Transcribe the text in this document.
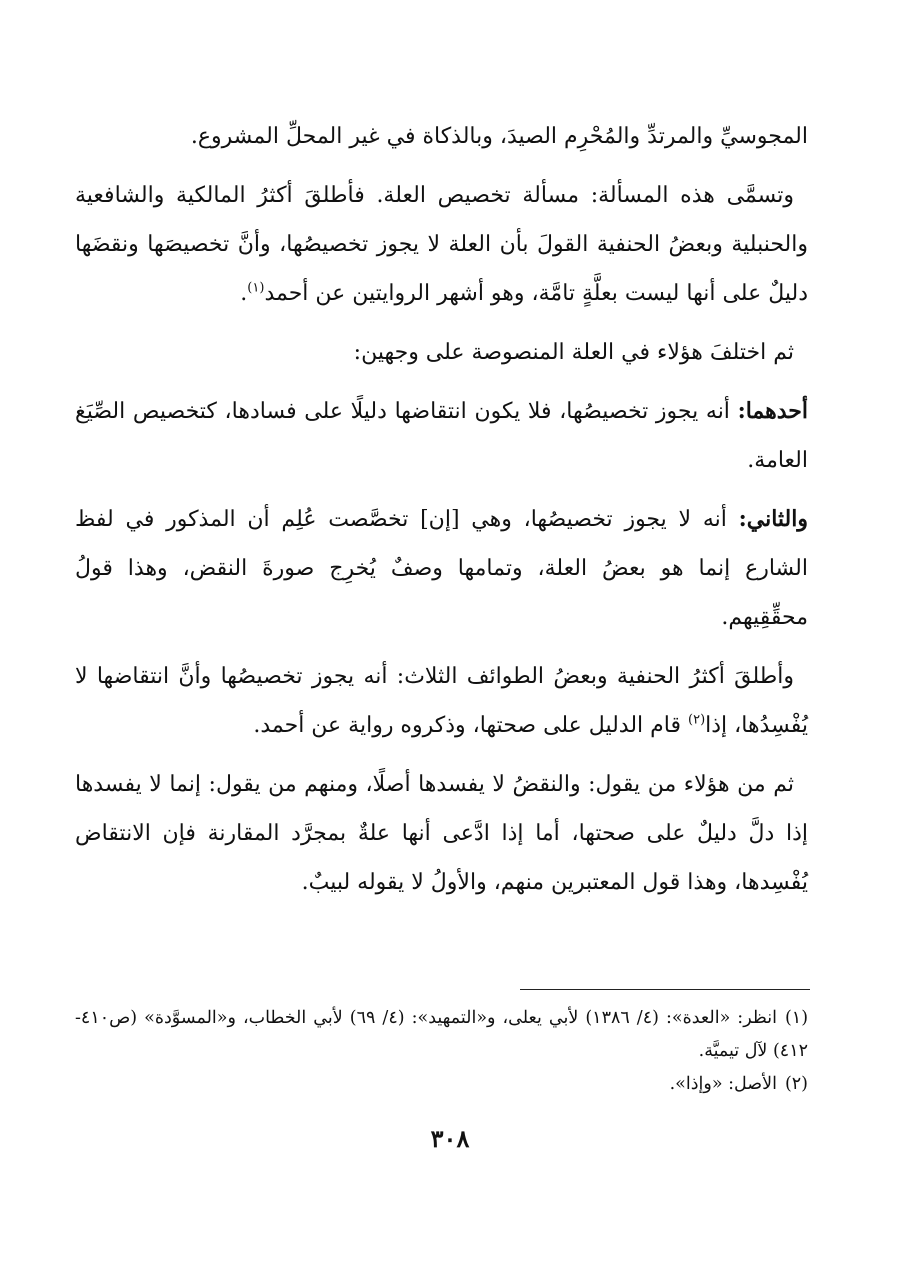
المجوسيِّ والمرتدِّ والمُحْرِم الصيدَ، وبالذكاة في غير المحلِّ المشروع.

وتسمَّى هذه المسألة: مسألة تخصيص العلة. فأطلقَ أكثرُ المالكية والشافعية والحنبلية وبعضُ الحنفية القولَ بأن العلة لا يجوز تخصيصُها، وأنَّ تخصيصَها ونقضَها دليلٌ على أنها ليست بعلَّةٍ تامَّة، وهو أشهر الروايتين عن أحمد$^{(١)}$.

ثم اختلفَ هؤلاء في العلة المنصوصة على وجهين:

أحدهما: أنه يجوز تخصيصُها، فلا يكون انتقاضها دليلًا على فسادها، كتخصيص الصِّيَغ العامة.

والثاني: أنه لا يجوز تخصيصُها، وهي [إن] تخصَّصت عُلِم أن المذكور في لفظ الشارع إنما هو بعضُ العلة، وتمامها وصفٌ يُخرِج صورةَ النقض، وهذا قولُ محقِّقِيهم.

وأطلقَ أكثرُ الحنفية وبعضُ الطوائف الثلاث: أنه يجوز تخصيصُها وأنَّ انتقاضها لا يُفْسِدُها، إذا$^{(٢)}$ قام الدليل على صحتها، وذكروه رواية عن أحمد.

ثم من هؤلاء من يقول: والنقضُ لا يفسدها أصلًا، ومنهم من يقول: إنما لا يفسدها إذا دلَّ دليلٌ على صحتها، أما إذا ادَّعى أنها علةٌ بمجرَّد المقارنة فإن الانتقاض يُفْسِدها، وهذا قول المعتبرين منهم، والأولُ لا يقوله لبيبٌ.

(١)انظر: «العدة»: (٤/ ١٣٨٦) لأبي يعلى، و«التمهيد»: (٤/ ٦٩) لأبي الخطاب، و«المسوَّدة» (ص٤١٠- ٤١٢) لآل تيميَّة.

(٢)الأصل: «وإذا».

٣٠٨
